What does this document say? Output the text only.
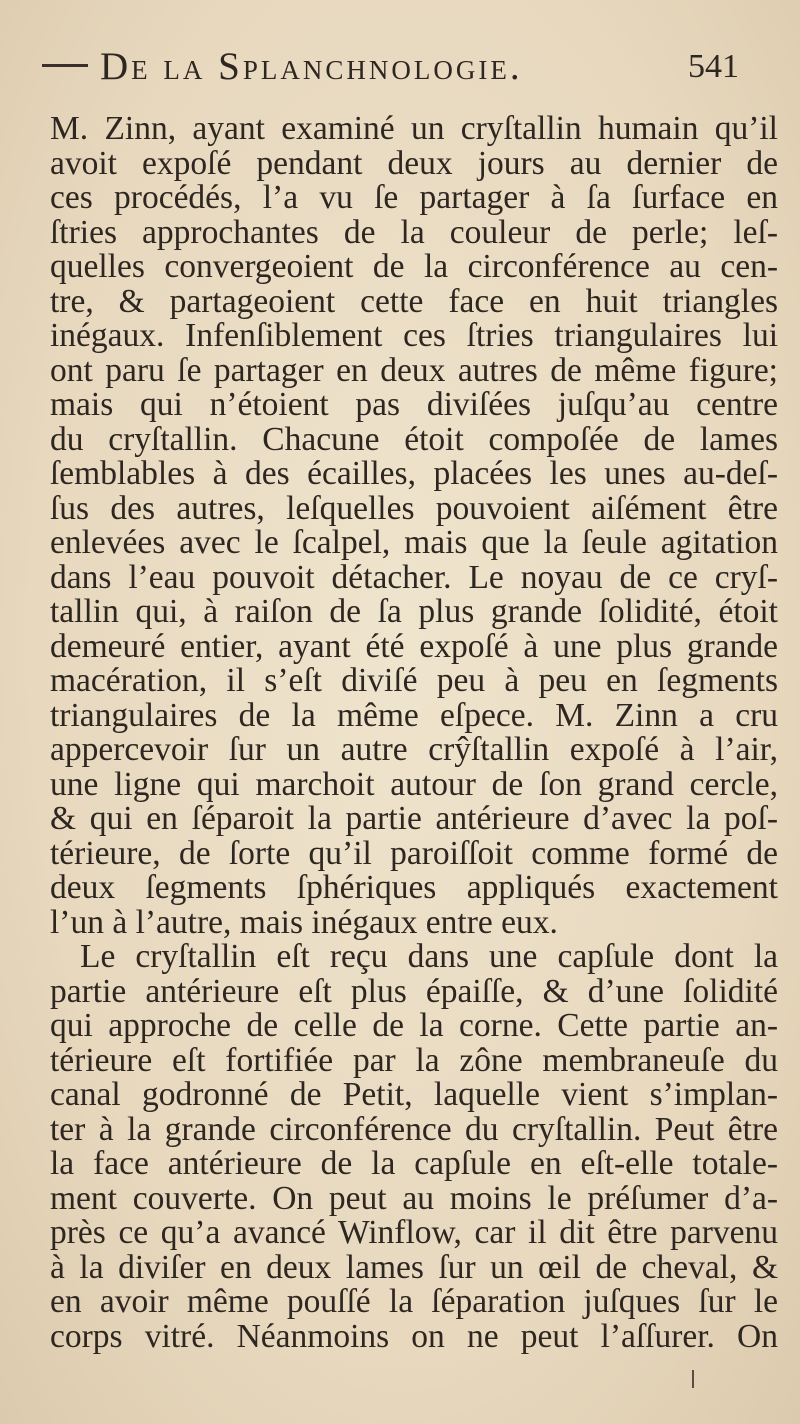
De la Splanchnologie.	541
M. Zinn, ayant examiné un cryſtallin humain qu’il
avoit expoſé pendant deux jours au dernier de
ces procédés, l’a vu ſe partager à ſa ſurface en
ſtries approchantes de la couleur de perle; leſ-
quelles convergeoient de la circonférence au cen-
tre, & partageoient cette face en huit triangles
inégaux. Infenſiblement ces ſtries triangulaires lui
ont paru ſe partager en deux autres de même figure;
mais qui n’étoient pas diviſées juſqu’au centre
du cryſtallin. Chacune étoit compoſée de lames
ſemblables à des écailles, placées les unes au-deſ-
ſus des autres, leſquelles pouvoient aiſément être
enlevées avec le ſcalpel, mais que la ſeule agitation
dans l’eau pouvoit détacher. Le noyau de ce cryſ-
tallin qui, à raiſon de ſa plus grande ſolidité, étoit
demeuré entier, ayant été expoſé à une plus grande
macération, il s’eſt diviſé peu à peu en ſegments
triangulaires de la même eſpece. M. Zinn a cru
appercevoir ſur un autre crŷſtallin expoſé à l’air,
une ligne qui marchoit autour de ſon grand cercle,
& qui en ſéparoit la partie antérieure d’avec la poſ-
térieure, de ſorte qu’il paroiſſoit comme formé de
deux ſegments ſphériques appliqués exactement
l’un à l’autre, mais inégaux entre eux.
Le cryſtallin eſt reçu dans une capſule dont la
partie antérieure eſt plus épaiſſe, & d’une ſolidité
qui approche de celle de la corne. Cette partie an-
térieure eſt fortifiée par la zône membraneuſe du
canal godronné de Petit, laquelle vient s’implan-
ter à la grande circonférence du cryſtallin. Peut être
la face antérieure de la capſule en eſt-elle totale-
ment couverte. On peut au moins le préſumer d’a-
près ce qu’a avancé Winflow, car il dit être parvenu
à la diviſer en deux lames ſur un œil de cheval, &
en avoir même pouſſé la ſéparation juſques ſur le
corps vitré. Néanmoins on ne peut l’aſſurer. On
